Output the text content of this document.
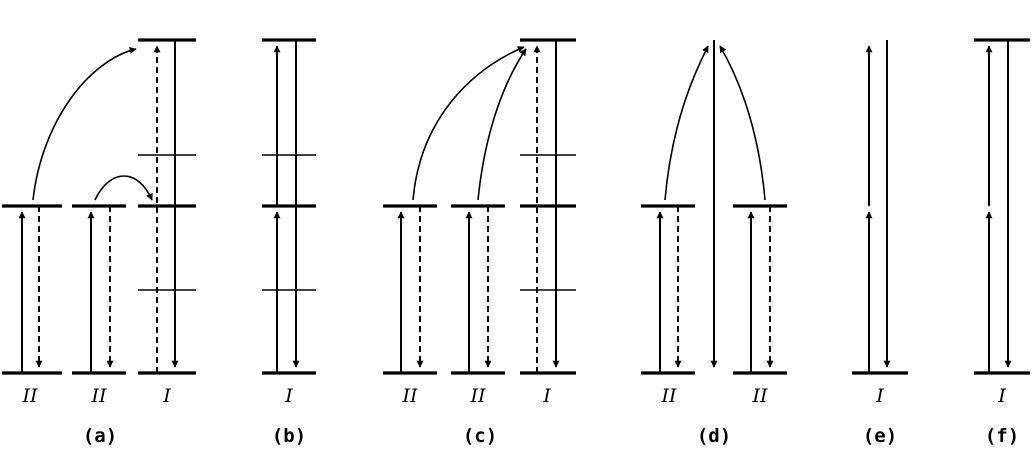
II	II	I	I	II	II	I	II	II	I	I
(a)	(b)	(c)	(d)	(e)	(f)
